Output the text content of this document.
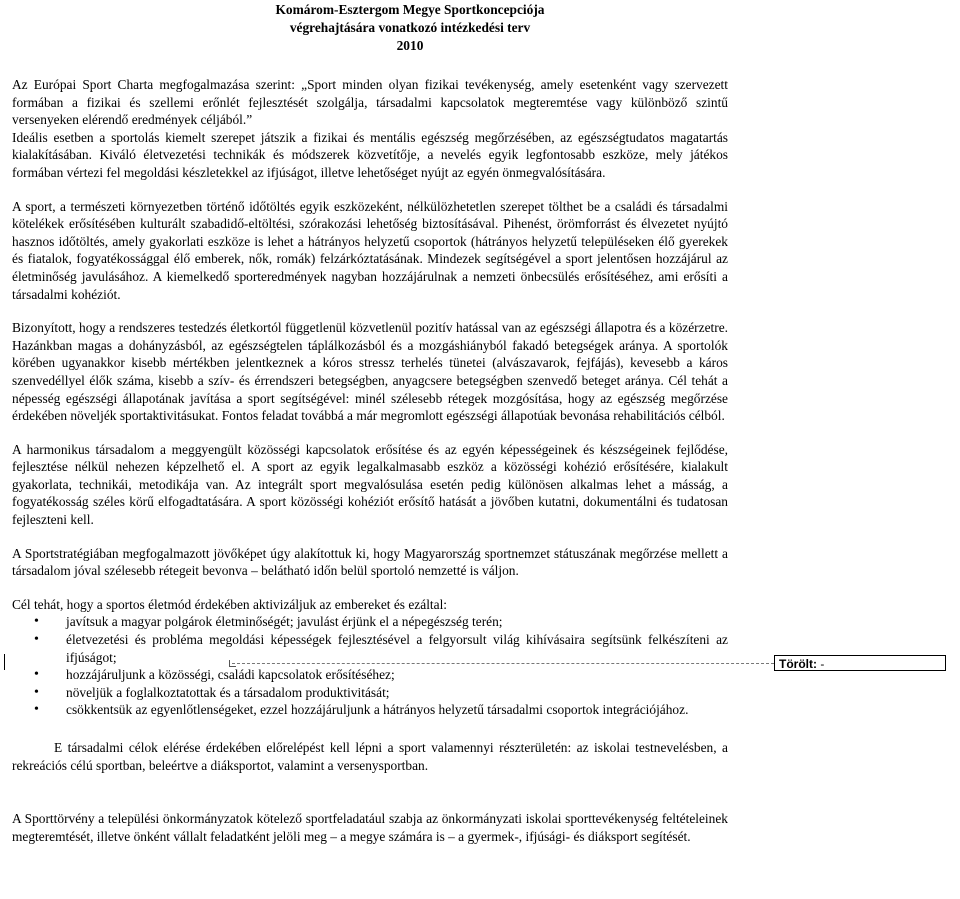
Komárom-Esztergom Megye Sportkoncepciója
végrehajtására vonatkozó intézkedési terv
2010

Az Európai Sport Charta megfogalmazása szerint: „Sport minden olyan fizikai tevékenység, amely esetenként vagy szervezett formában a fizikai és szellemi erőnlét fejlesztését szolgálja, társadalmi kapcsolatok megteremtése vagy különböző szintű versenyeken elérendő eredmények céljából.”

Ideális esetben a sportolás kiemelt szerepet játszik a fizikai és mentális egészség megőrzésében, az egészségtudatos magatartás kialakításában. Kiváló életvezetési technikák és módszerek közvetítője, a nevelés egyik legfontosabb eszköze, mely játékos formában vértezi fel megoldási készletekkel az ifjúságot, illetve lehetőséget nyújt az egyén önmegvalósítására.

A sport, a természeti környezetben történő időtöltés egyik eszközeként, nélkülözhetetlen szerepet tölthet be a családi és társadalmi kötelékek erősítésében kulturált szabadidő-eltöltési, szórakozási lehetőség biztosításával. Pihenést, örömforrást és élvezetet nyújtó hasznos időtöltés, amely gyakorlati eszköze is lehet a hátrányos helyzetű csoportok (hátrányos helyzetű településeken élő gyerekek és fiatalok, fogyatékossággal élő emberek, nők, romák) felzárkóztatásának. Mindezek segítségével a sport jelentősen hozzájárul az életminőség javulásához. A kiemelkedő sporteredmények nagyban hozzájárulnak a nemzeti önbecsülés erősítéséhez, ami erősíti a társadalmi kohéziót.

Bizonyított, hogy a rendszeres testedzés életkortól függetlenül közvetlenül pozitív hatással van az egészségi állapotra és a közérzetre. Hazánkban magas a dohányzásból, az egészségtelen táplálkozásból és a mozgáshiányból fakadó betegségek aránya. A sportolók körében ugyanakkor kisebb mértékben jelentkeznek a kóros stressz terhelés tünetei (alvászavarok, fejfájás), kevesebb a káros szenvedéllyel élők száma, kisebb a szív- és érrendszeri betegségben, anyagcsere betegségben szenvedő beteget aránya. Cél tehát a népesség egészségi állapotának javítása a sport segítségével: minél szélesebb rétegek mozgósítása, hogy az egészség megőrzése érdekében növeljék sportaktivitásukat. Fontos feladat továbbá a már megromlott egészségi állapotúak bevonása rehabilitációs célból.

A harmonikus társadalom a meggyengült közösségi kapcsolatok erősítése és az egyén képességeinek és készségeinek fejlődése, fejlesztése nélkül nehezen képzelhető el. A sport az egyik legalkalmasabb eszköz a közösségi kohézió erősítésére, kialakult gyakorlata, technikái, metodikája van. Az integrált sport megvalósulása esetén pedig különösen alkalmas lehet a másság, a fogyatékosság széles körű elfogadtatására. A sport közösségi kohéziót erősítő hatását a jövőben kutatni, dokumentálni és tudatosan fejleszteni kell.

A Sportstratégiában megfogalmazott jövőképet úgy alakítottuk ki, hogy Magyarország sportnemzet státuszának megőrzése mellett a társadalom jóval szélesebb rétegeit bevonva – belátható időn belül sportoló nemzetté is váljon.

Cél tehát, hogy a sportos életmód érdekében aktivizáljuk az embereket és ezáltal:

• javítsuk a magyar polgárok életminőségét; javulást érjünk el a népegészség terén;
• életvezetési és probléma megoldási képességek fejlesztésével a felgyorsult világ kihívásaira segítsünk felkészíteni az ifjúságot;
• hozzájáruljunk a közösségi, családi kapcsolatok erősítéséhez;
• növeljük a foglalkoztatottak és a társadalom produktivitását;
• csökkentsük az egyenlőtlenségeket, ezzel hozzájáruljunk a hátrányos helyzetű társadalmi csoportok integrációjához.

E társadalmi célok elérése érdekében előrelépést kell lépni a sport valamennyi részterületén: az iskolai testnevelésben, a rekreációs célú sportban, beleértve a diáksportot, valamint a versenysportban.

A Sporttörvény a települési önkormányzatok kötelező sportfeladatául szabja az önkormányzati iskolai sporttevékenység feltételeinek megteremtését, illetve önként vállalt feladatként jelöli meg – a megye számára is – a gyermek-, ifjúsági- és diáksport segítését.

Törölt: -
